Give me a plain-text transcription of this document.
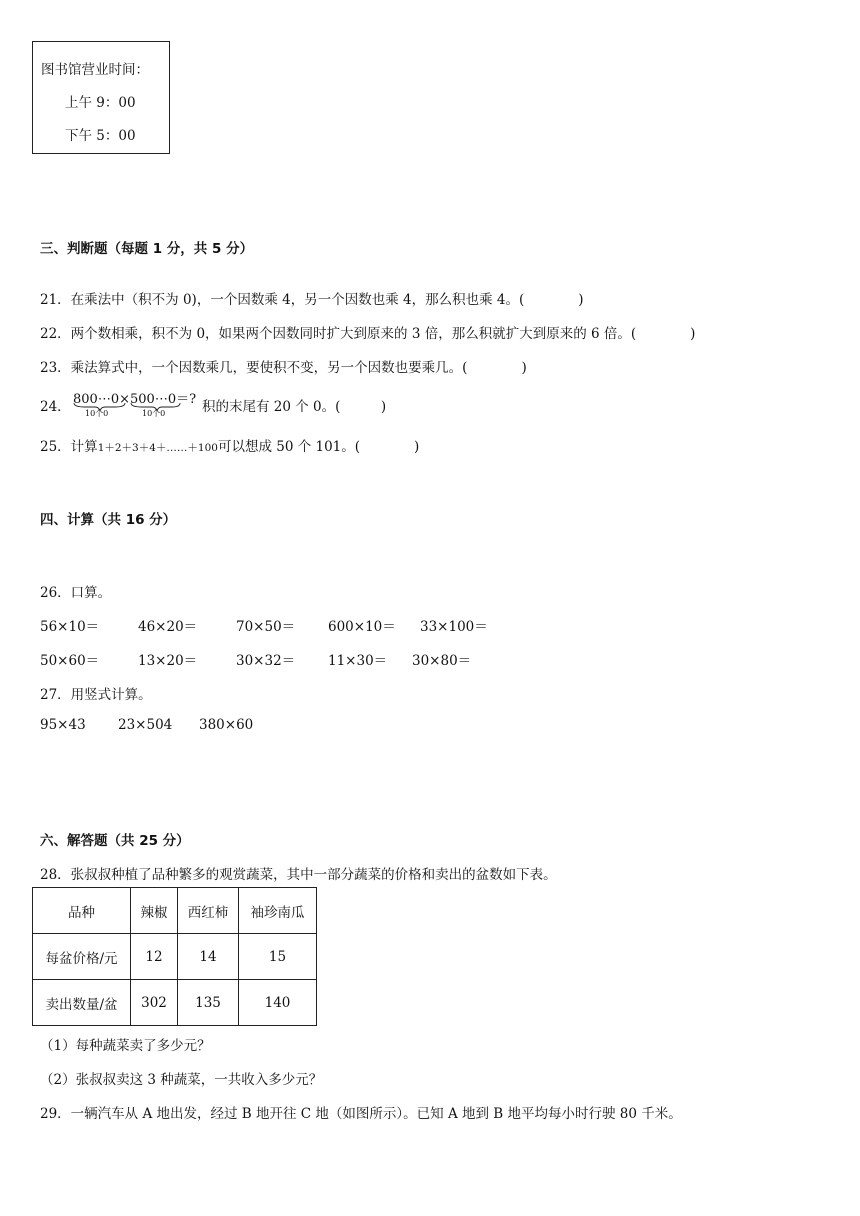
图书馆营业时间：
上午 9：00
下午 5：00
三、判断题（每题 1 分，共 5 分）
21．在乘法中（积不为 0)，一个因数乘 4，另一个因数也乘 4，那么积也乘 4。(　　　　)
22．两个数相乘，积不为 0，如果两个因数同时扩大到原来的 3 倍，那么积就扩大到原来的 6 倍。(　　　　)
23．乘法算式中，一个因数乘几，要使积不变，另一个因数也要乘几。(　　　　)
24． 800⋯0×500⋯0＝?
10个0	10个0	积的末尾有 20 个 0。(　　　)
25．计算1＋2＋3＋4＋……＋100可以想成 50 个 101。(　　　　)
四、计算（共 16 分）
26．口算。
56×10＝	46×20＝	70×50＝ 600×10＝ 33×100＝
50×60＝	13×20＝	30×32＝ 11×30＝ 30×80＝
27．用竖式计算。
95×43 23×504 380×60
六、解答题（共 25 分）
28．张叔叔种植了品种繁多的观赏蔬菜，其中一部分蔬菜的价格和卖出的盆数如下表。
品种	辣椒	西红柿	袖珍南瓜
每盆价格/元	12	14	15
卖出数量/盆	302	135	140
（1）每种蔬菜卖了多少元？
（2）张叔叔卖这 3 种蔬菜，一共收入多少元？
29．一辆汽车从 A 地出发，经过 B 地开往 C 地（如图所示）。已知 A 地到 B 地平均每小时行驶 80 千米。
